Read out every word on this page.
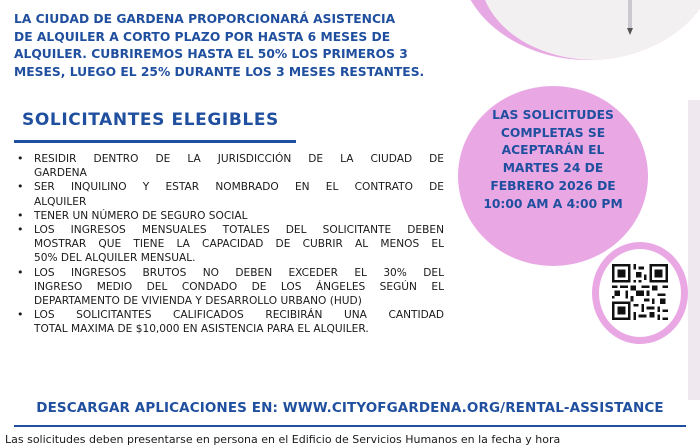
LA CIUDAD DE GARDENA PROPORCIONARÁ ASISTENCIA
DE ALQUILER A CORTO PLAZO POR HASTA 6 MESES DE
ALQUILER. CUBRIREMOS HASTA EL 50% LOS PRIMEROS 3
MESES, LUEGO EL 25% DURANTE LOS 3 MESES RESTANTES.
SOLICITANTES ELEGIBLES
• RESIDIR DENTRO DE LA JURISDICCIÓN DE LA CIUDAD DE
GARDENA
• SER INQUILINO Y ESTAR NOMBRADO EN EL CONTRATO DE
ALQUILER
• TENER UN NÚMERO DE SEGURO SOCIAL
• LOS INGRESOS MENSUALES TOTALES DEL SOLICITANTE DEBEN
MOSTRAR QUE TIENE LA CAPACIDAD DE CUBRIR AL MENOS EL
50% DEL ALQUILER MENSUAL.
• LOS INGRESOS BRUTOS NO DEBEN EXCEDER EL 30% DEL
INGRESO MEDIO DEL CONDADO DE LOS ÁNGELES SEGÚN EL
DEPARTAMENTO DE VIVIENDA Y DESARROLLO URBANO (HUD)
• LOS SOLICITANTES CALIFICADOS RECIBIRÁN UNA CANTIDAD
TOTAL MAXIMA DE $10,000 EN ASISTENCIA PARA EL ALQUILER.
LAS SOLICITUDES
COMPLETAS SE
ACEPTARÁN EL
MARTES 24 DE
FEBRERO 2026 DE
10:00 AM A 4:00 PM

DESCARGAR APLICACIONES EN: WWW.CITYOFGARDENA.ORG/RENTAL-ASSISTANCE

Las solicitudes deben presentarse en persona en el Edificio de Servicios Humanos en la fecha y hora
